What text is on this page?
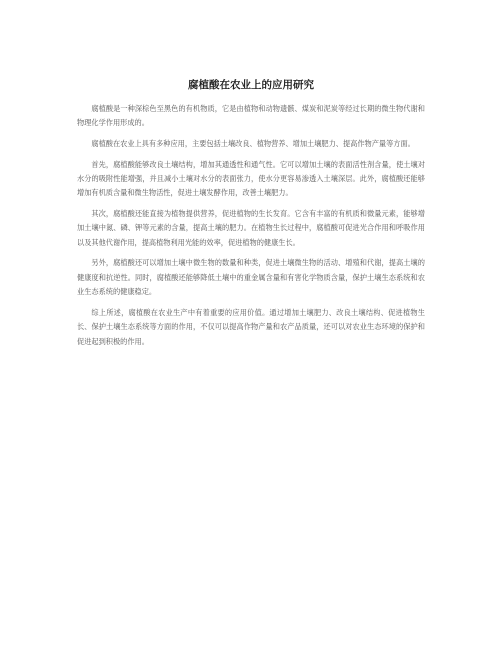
腐植酸在农业上的应用研究

腐植酸是一种深棕色至黑色的有机物质，它是由植物和动物遗骸、煤炭和泥炭等经过长期的微生物代谢和物理化学作用形成的。

腐植酸在农业上具有多种应用，主要包括土壤改良、植物营养、增加土壤肥力、提高作物产量等方面。

首先，腐植酸能够改良土壤结构，增加其通透性和通气性。它可以增加土壤的表面活性剂含量，使土壤对水分的吸附性能增强，并且减小土壤对水分的表面张力，使水分更容易渗透入土壤深层。此外，腐植酸还能够增加有机质含量和微生物活性，促进土壤发酵作用，改善土壤肥力。

其次，腐植酸还能直接为植物提供营养，促进植物的生长发育。它含有丰富的有机质和微量元素，能够增加土壤中氮、磷、钾等元素的含量，提高土壤的肥力。在植物生长过程中，腐植酸可促进光合作用和呼吸作用以及其他代谢作用，提高植物利用光能的效率，促进植物的健康生长。

另外，腐植酸还可以增加土壤中微生物的数量和种类，促进土壤微生物的活动、增殖和代谢，提高土壤的健康度和抗逆性。同时，腐植酸还能够降低土壤中的重金属含量和有害化学物质含量，保护土壤生态系统和农业生态系统的健康稳定。

综上所述，腐植酸在农业生产中有着重要的应用价值。通过增加土壤肥力、改良土壤结构、促进植物生长、保护土壤生态系统等方面的作用，不仅可以提高作物产量和农产品质量，还可以对农业生态环境的保护和促进起到积极的作用。
